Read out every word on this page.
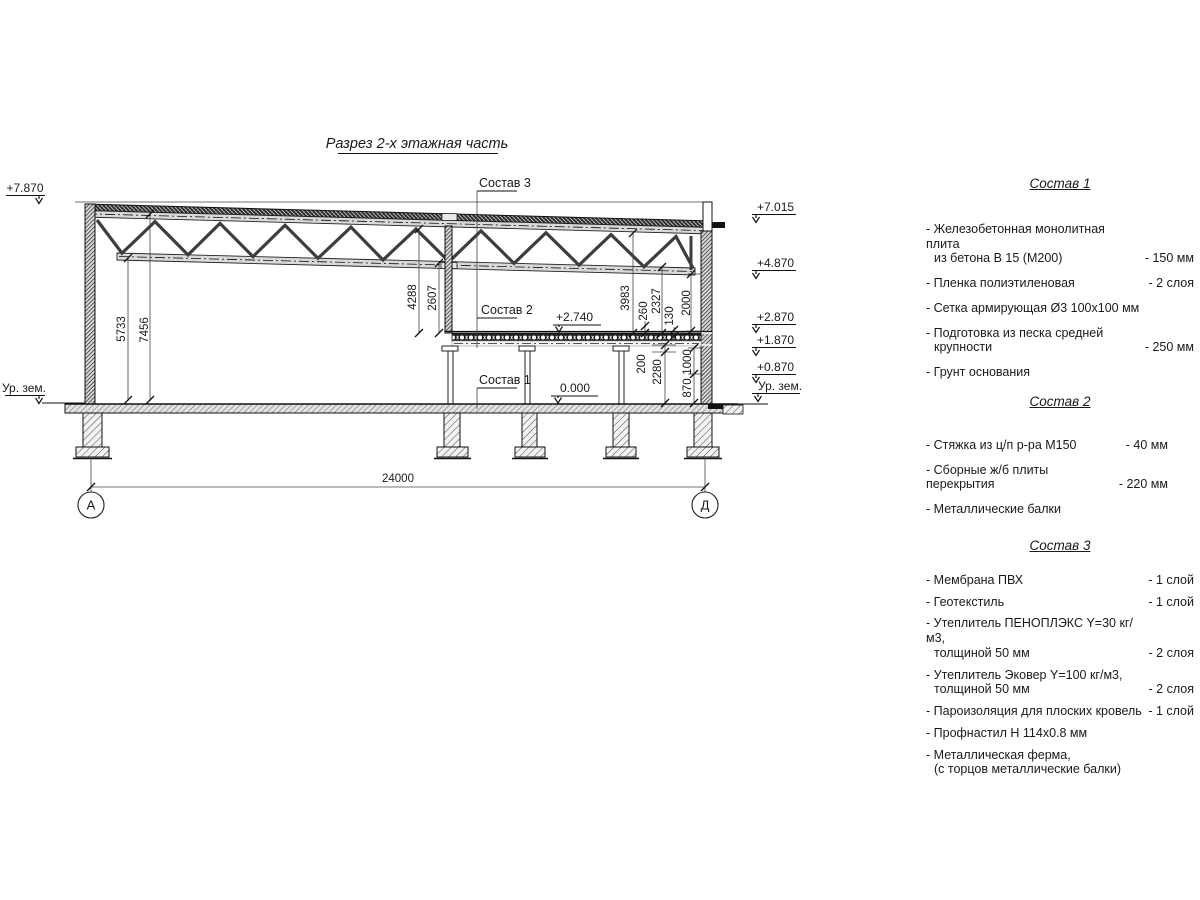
5733 7456
4288 2607	3983 2327
260 130
2000
200 2280 1000
870
24000
+7.870
Ур. зем.
+7.015
+4.870
+2.870
+1.870
+0.870
Ур. зем.
Состав 3
Состав 2 +2.740
Состав 1
0.000
А	Д
Разрез 2-х этажная часть
Состав 1
- Железобетонная монолитная плита
из бетона В 15 (М200)	- 150 мм
- Пленка полиэтиленовая	- 2 слоя
- Сетка армирующая Ø3 100х100 мм
- Подготовка из песка средней
крупности	- 250 мм
- Грунт основания
Состав 2
- Стяжка из ц/п р-ра М150	- 40 мм
- Сборные ж/б плиты перекрытия	- 220 мм
- Металлические балки
Состав 3
- Мембрана ПВХ	- 1 слой
- Геотекстиль	- 1 слой
- Утеплитель ПЕНОПЛЭКС Y=30 кг/м3,
толщиной 50 мм	- 2 слоя
- Утеплитель Эковер Y=100 кг/м3,
толщиной 50 мм	- 2 слоя
- Пароизоляция для плоских кровель - 1 слой
- Профнастил Н 114х0.8 мм
- Металлическая ферма,
(с торцов металлические балки)
